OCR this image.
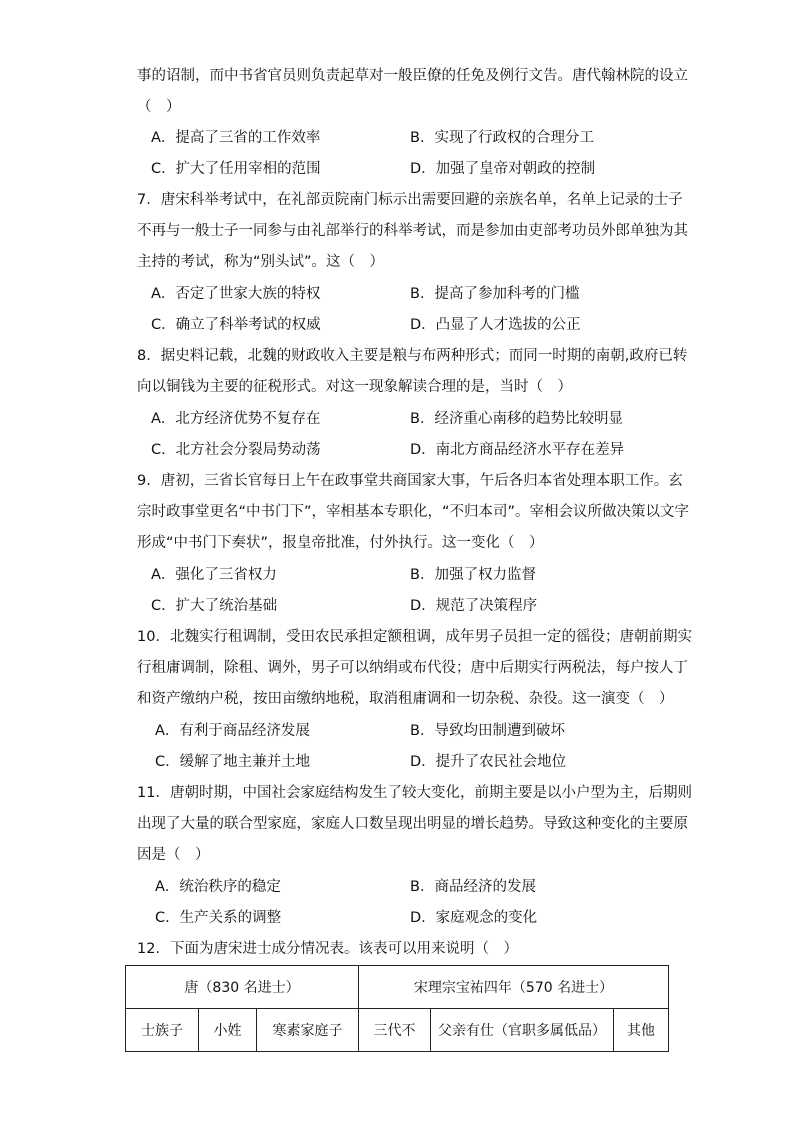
事的诏制，而中书省官员则负责起草对一般臣僚的任免及例行文告。唐代翰林院的设立
（　）
A．提高了三省的工作效率	B．实现了行政权的合理分工
C．扩大了任用宰相的范围	D．加强了皇帝对朝政的控制
7．唐宋科举考试中，在礼部贡院南门标示出需要回避的亲族名单，名单上记录的士子
不再与一般士子一同参与由礼部举行的科举考试，而是参加由吏部考功员外郎单独为其
主持的考试，称为“别头试”。这（　）
A．否定了世家大族的特权	B．提高了参加科考的门槛
C．确立了科举考试的权威	D．凸显了人才选拔的公正
8．据史料记载，北魏的财政收入主要是粮与布两种形式；而同一时期的南朝,政府已转
向以铜钱为主要的征税形式。对这一现象解读合理的是，当时（　）
A．北方经济优势不复存在	B．经济重心南移的趋势比较明显
C．北方社会分裂局势动荡	D．南北方商品经济水平存在差异
9．唐初，三省长官每日上午在政事堂共商国家大事，午后各归本省处理本职工作。玄
宗时政事堂更名“中书门下”，宰相基本专职化，“不归本司”。宰相会议所做决策以文字
形成“中书门下奏状”，报皇帝批准，付外执行。这一变化（　）
A．强化了三省权力	B．加强了权力监督
C．扩大了统治基础	D．规范了决策程序
10．北魏实行租调制，受田农民承担定额租调，成年男子员担一定的徭役；唐朝前期实
行租庸调制，除租、调外，男子可以纳绢或布代役；唐中后期实行两税法，每户按人丁
和资产缴纳户税，按田亩缴纳地税，取消租庸调和一切杂税、杂役。这一演变（　）
A．有利于商品经济发展	B．导致均田制遭到破坏
C．缓解了地主兼并土地	D．提升了农民社会地位
11．唐朝时期，中国社会家庭结构发生了较大变化，前期主要是以小户型为主，后期则
出现了大量的联合型家庭，家庭人口数呈现出明显的增长趋势。导致这种变化的主要原
因是（　）
A．统治秩序的稳定	B．商品经济的发展
C．生产关系的调整	D．家庭观念的变化
12．下面为唐宋进士成分情况表。该表可以用来说明（　）
唐（830 名进士）			宋理宗宝祐四年（570 名进士）		
士族子	小姓	寒素家庭子	三代不	父亲有仕（官职多属低品）	其他
